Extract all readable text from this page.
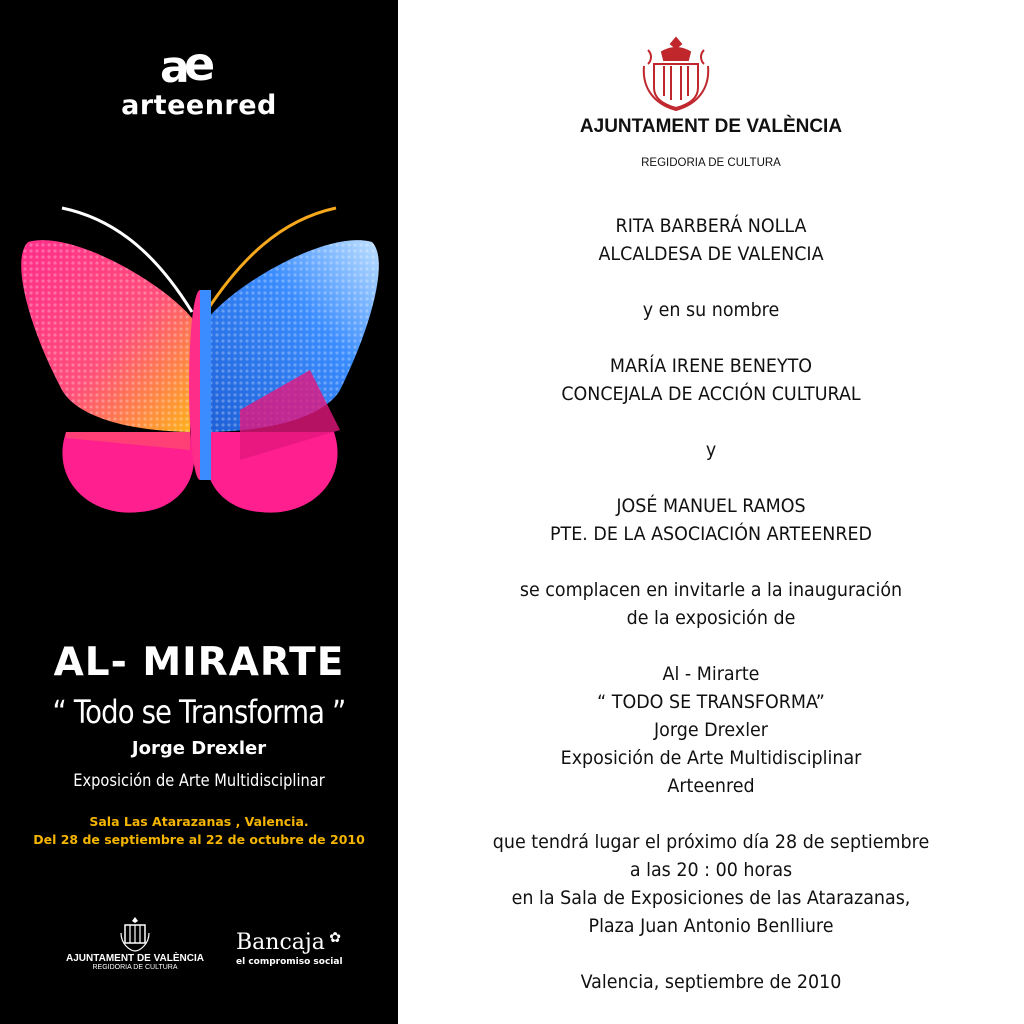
a
e
arteenred
AL- MIRARTE
“ Todo se Transforma ”
Jorge Drexler
Exposición de Arte Multidisciplinar
Sala Las Atarazanas , Valencia.
Del 28 de septiembre al 22 de octubre de 2010
AJUNTAMENT DE VALÈNCIA
REGIDORIA DE CULTURA
Bancaja ✿
el compromiso social
AJUNTAMENT DE VALÈNCIA
REGIDORIA DE CULTURA
RITA BARBERÁ NOLLA
ALCALDESA DE VALENCIA
y en su nombre
MARÍA IRENE BENEYTO
CONCEJALA DE ACCIÓN CULTURAL
y
JOSÉ MANUEL RAMOS
PTE. DE LA ASOCIACIÓN ARTEENRED
se complacen en invitarle a la inauguración
de la exposición de
Al - Mirarte
“ TODO SE TRANSFORMA”
Jorge Drexler
Exposición de Arte Multidisciplinar
Arteenred
que tendrá lugar el próximo día 28 de septiembre
a las 20 : 00 horas
en la Sala de Exposiciones de las Atarazanas,
Plaza Juan Antonio Benlliure
Valencia, septiembre de 2010
